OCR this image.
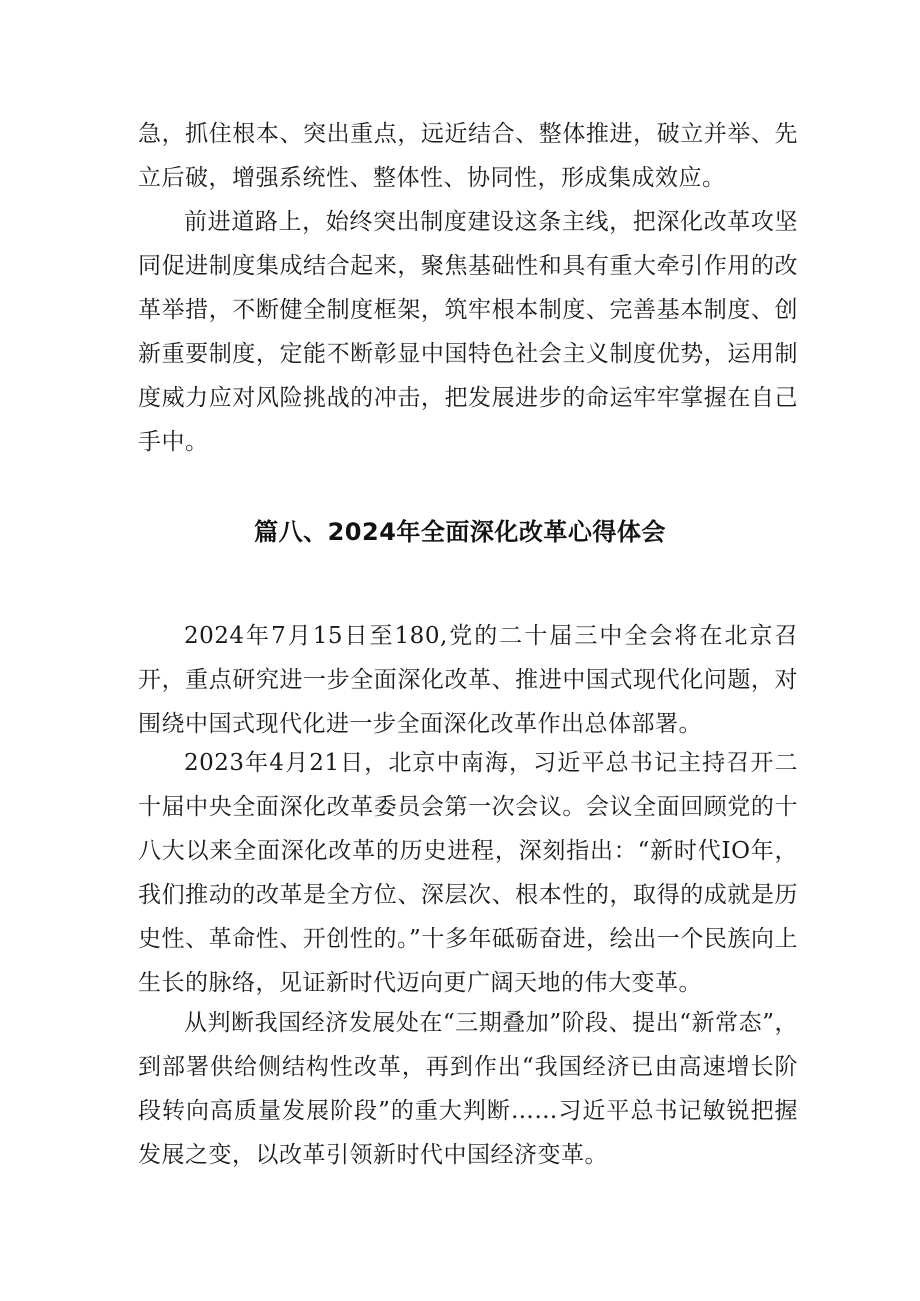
急，抓住根本、突出重点，远近结合、整体推进，破立并举、先立后破，增强系统性、整体性、协同性，形成集成效应。

前进道路上，始终突出制度建设这条主线，把深化改革攻坚同促进制度集成结合起来，聚焦基础性和具有重大牵引作用的改革举措，不断健全制度框架，筑牢根本制度、完善基本制度、创新重要制度，定能不断彰显中国特色社会主义制度优势，运用制度威力应对风险挑战的冲击，把发展进步的命运牢牢掌握在自己手中。

篇八、2024年全面深化改革心得体会

2024年7月15日至180,党的二十届三中全会将在北京召开，重点研究进一步全面深化改革、推进中国式现代化问题，对围绕中国式现代化进一步全面深化改革作出总体部署。

2023年4月21日，北京中南海，习近平总书记主持召开二十届中央全面深化改革委员会第一次会议。会议全面回顾党的十八大以来全面深化改革的历史进程，深刻指出：“新时代IO年，我们推动的改革是全方位、深层次、根本性的，取得的成就是历史性、革命性、开创性的。”十多年砥砺奋进，绘出一个民族向上生长的脉络，见证新时代迈向更广阔天地的伟大变革。

从判断我国经济发展处在“三期叠加”阶段、提出“新常态”，到部署供给侧结构性改革，再到作出“我国经济已由高速增长阶段转向高质量发展阶段”的重大判断……习近平总书记敏锐把握发展之变，以改革引领新时代中国经济变革。
